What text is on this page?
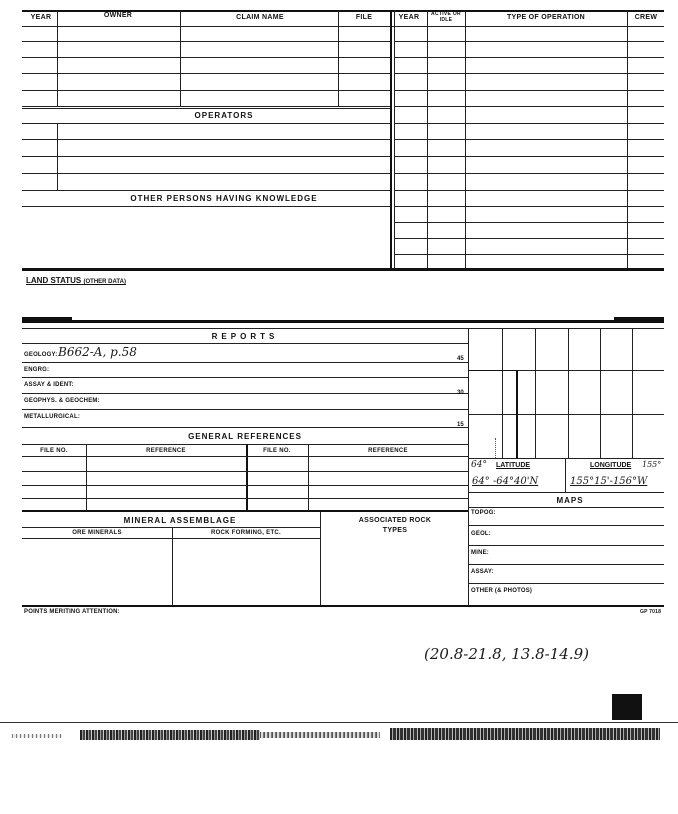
YEAR	OWNER	CLAIM NAME	FILE	YEAR	ACTIVE OR IDLE	TYPE OF OPERATION	CREW
OPERATORS
OTHER PERSONS HAVING KNOWLEDGE
LAND STATUS (OTHER DATA)
REPORTS
GEOLOGY: B662-A, p.58
ENGRG:
ASSAY & IDENT:
GEOPHYS. & GEOCHEM:
METALLURGICAL:
45
30
15
GENERAL REFERENCES
FILE NO.	REFERENCE	FILE NO.	REFERENCE
MINERAL ASSEMBLAGE
ORE MINERALS	ROCK FORMING, ETC.
ASSOCIATED ROCK TYPES
64° LATITUDE	LONGITUDE 155°
64° -64°40'N	155°15'-156°W
MAPS
TOPOG:
GEOL:
MINE:
ASSAY:
OTHER (& PHOTOS)
POINTS MERITING ATTENTION:	GP 7018
(20.8-21.8, 13.8-14.9)
